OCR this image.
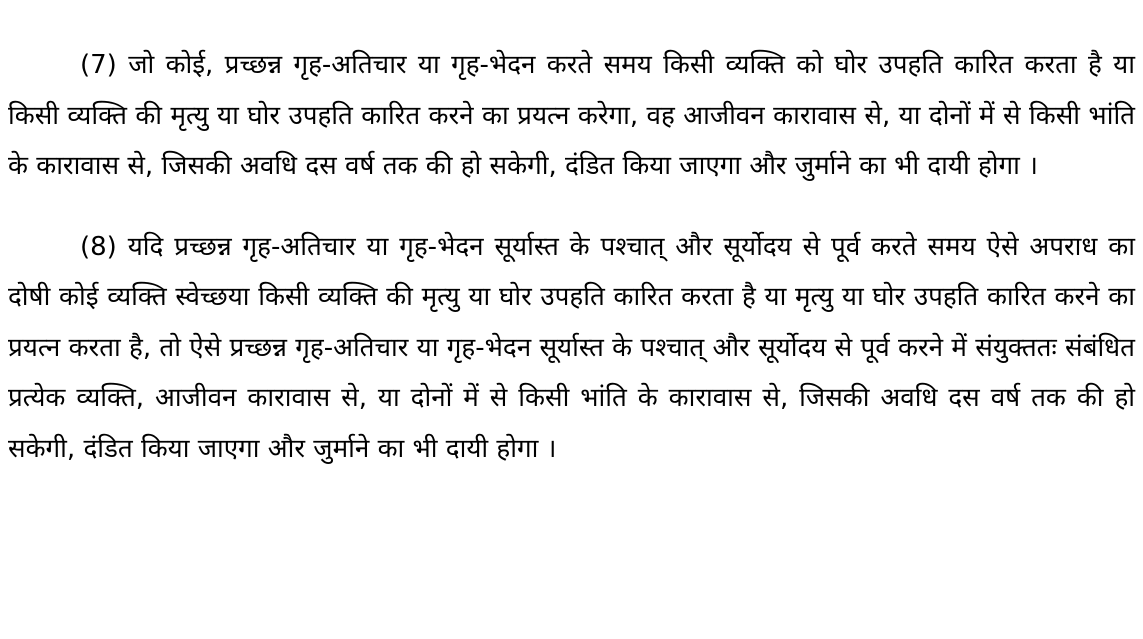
(7) जो कोई, प्रच्छन्न गृह-अतिचार या गृह-भेदन करते समय किसी व्यक्ति को घोर उपहति कारित करता है या किसी व्यक्ति की मृत्यु या घोर उपहति कारित करने का प्रयत्न करेगा, वह आजीवन कारावास से, या दोनों में से किसी भांति के कारावास से, जिसकी अवधि दस वर्ष तक की हो सकेगी, दंडित किया जाएगा और जुर्माने का भी दायी होगा ।

(8) यदि प्रच्छन्न गृह-अतिचार या गृह-भेदन सूर्यास्त के पश्चात् और सूर्योदय से पूर्व करते समय ऐसे अपराध का दोषी कोई व्यक्ति स्वेच्छया किसी व्यक्ति की मृत्यु या घोर उपहति कारित करता है या मृत्यु या घोर उपहति कारित करने का प्रयत्न करता है, तो ऐसे प्रच्छन्न गृह-अतिचार या गृह-भेदन सूर्यास्त के पश्चात् और सूर्योदय से पूर्व करने में संयुक्ततः संबंधित प्रत्येक व्यक्ति, आजीवन कारावास से, या दोनों में से किसी भांति के कारावास से, जिसकी अवधि दस वर्ष तक की हो सकेगी, दंडित किया जाएगा और जुर्माने का भी दायी होगा ।
